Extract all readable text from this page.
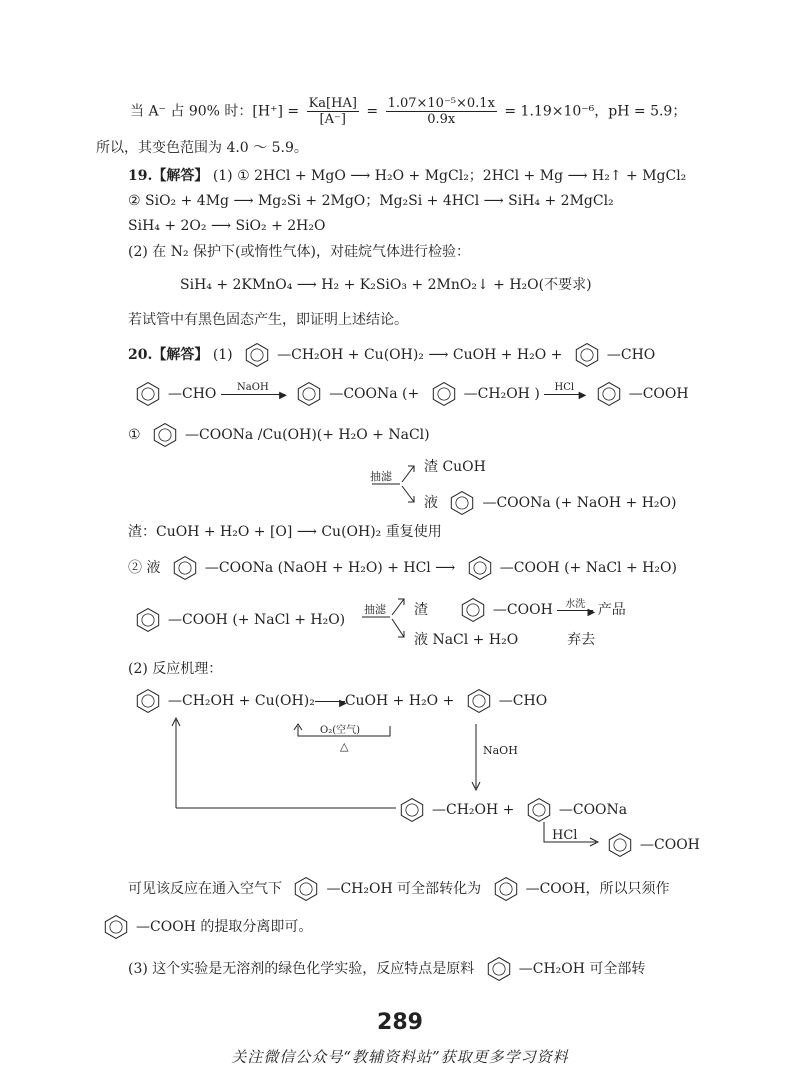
当 A⁻ 占 90% 时：$[H^+] = \frac{Ka[HA]}{[A^-]} = \frac{\text{1.07×10⁻⁵×0.1x}}{0.9x} = 1.19\times 10^{-6}$，pH = 5.9；
所以，其变色范围为 4.0 ～ 5.9。
19.【解答】 (1) ① 2HCl + MgO ⟶ H₂O + MgCl₂；2HCl + Mg ⟶ H₂↑ + MgCl₂
② SiO₂ + 4Mg ⟶ Mg₂Si + 2MgO；Mg₂Si + 4HCl ⟶ SiH₄ + 2MgCl₂
SiH₄ + 2O₂ ⟶ SiO₂ + 2H₂O
(2) 在 N₂ 保护下(或惰性气体)，对硅烷气体进行检验：
SiH₄ + 2KMnO₄ ⟶ H₂ + K₂SiO₃ + 2MnO₂↓ + H₂O(不要求)
若试管中有黑色固态产生，即证明上述结论。
20.【解答】 (1)	—CH₂OH + Cu(OH)₂ ⟶ CuOH + H₂O +	—CHO
—CHO	NaOH
▶	—COONa (+	—CH₂OH )	HCl
▶	—COOH
①	—COONa /Cu(OH)(+ H₂O + NaCl)
抽滤
渣 CuOH
液	—COONa (+ NaOH + H₂O)
渣：CuOH + H₂O + [O] ⟶ Cu(OH)₂ 重复使用
② 液	—COONa (NaOH + H₂O) + HCl ⟶	—COOH (+ NaCl + H₂O)
—COOH (+ NaCl + H₂O)
抽滤 渣	—COOH	水洗
▶ 产品
液 NaCl + H₂O	弃去
(2) 反应机理：
—CH₂OH + Cu(OH)₂ ▶
CuOH + H₂O +	—CHO
O₂(空气)
△	NaOH
—CH₂OH +	—COONa
HCl
—COOH
可见该反应在通入空气下	—CH₂OH 可全部转化为	—COOH，所以只须作
—COOH 的提取分离即可。
(3) 这个实验是无溶剂的绿色化学实验，反应特点是原料	—CH₂OH 可全部转
289
关注微信公众号“教辅资料站”获取更多学习资料
